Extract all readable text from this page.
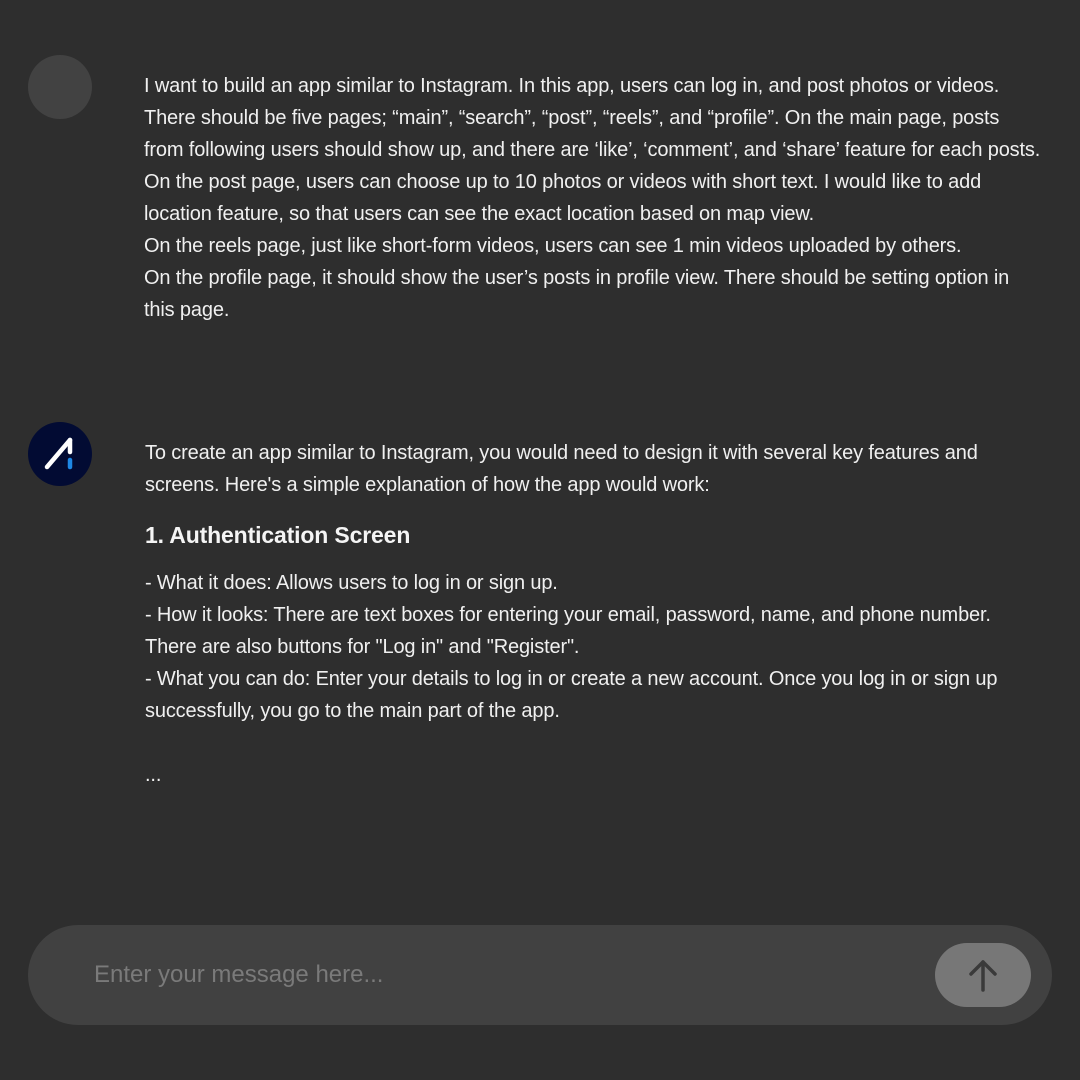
I want to build an app similar to Instagram. In this app, users can log in, and post photos or videos. There should be five pages; “main”, “search”, “post”, “reels”, and “profile”. On the main page, posts from following users should show up, and there are ‘like’, ‘comment’, and ‘share’ feature for each posts.

On the post page, users can choose up to 10 photos or videos with short text. I would like to add location feature, so that users can see the exact location based on map view.

On the reels page, just like short-form videos, users can see 1 min videos uploaded by others.

On the profile page, it should show the user’s posts in profile view. There should be setting option in this page.

To create an app similar to Instagram, you would need to design it with several key features and screens. Here's a simple explanation of how the app would work:

1. Authentication Screen

- What it does: Allows users to log in or sign up.

- How it looks: There are text boxes for entering your email, password, name, and phone number. There are also buttons for "Log in" and "Register".

- What you can do: Enter your details to log in or create a new account. Once you log in or sign up successfully, you go to the main part of the app.

...

Enter your message here...
